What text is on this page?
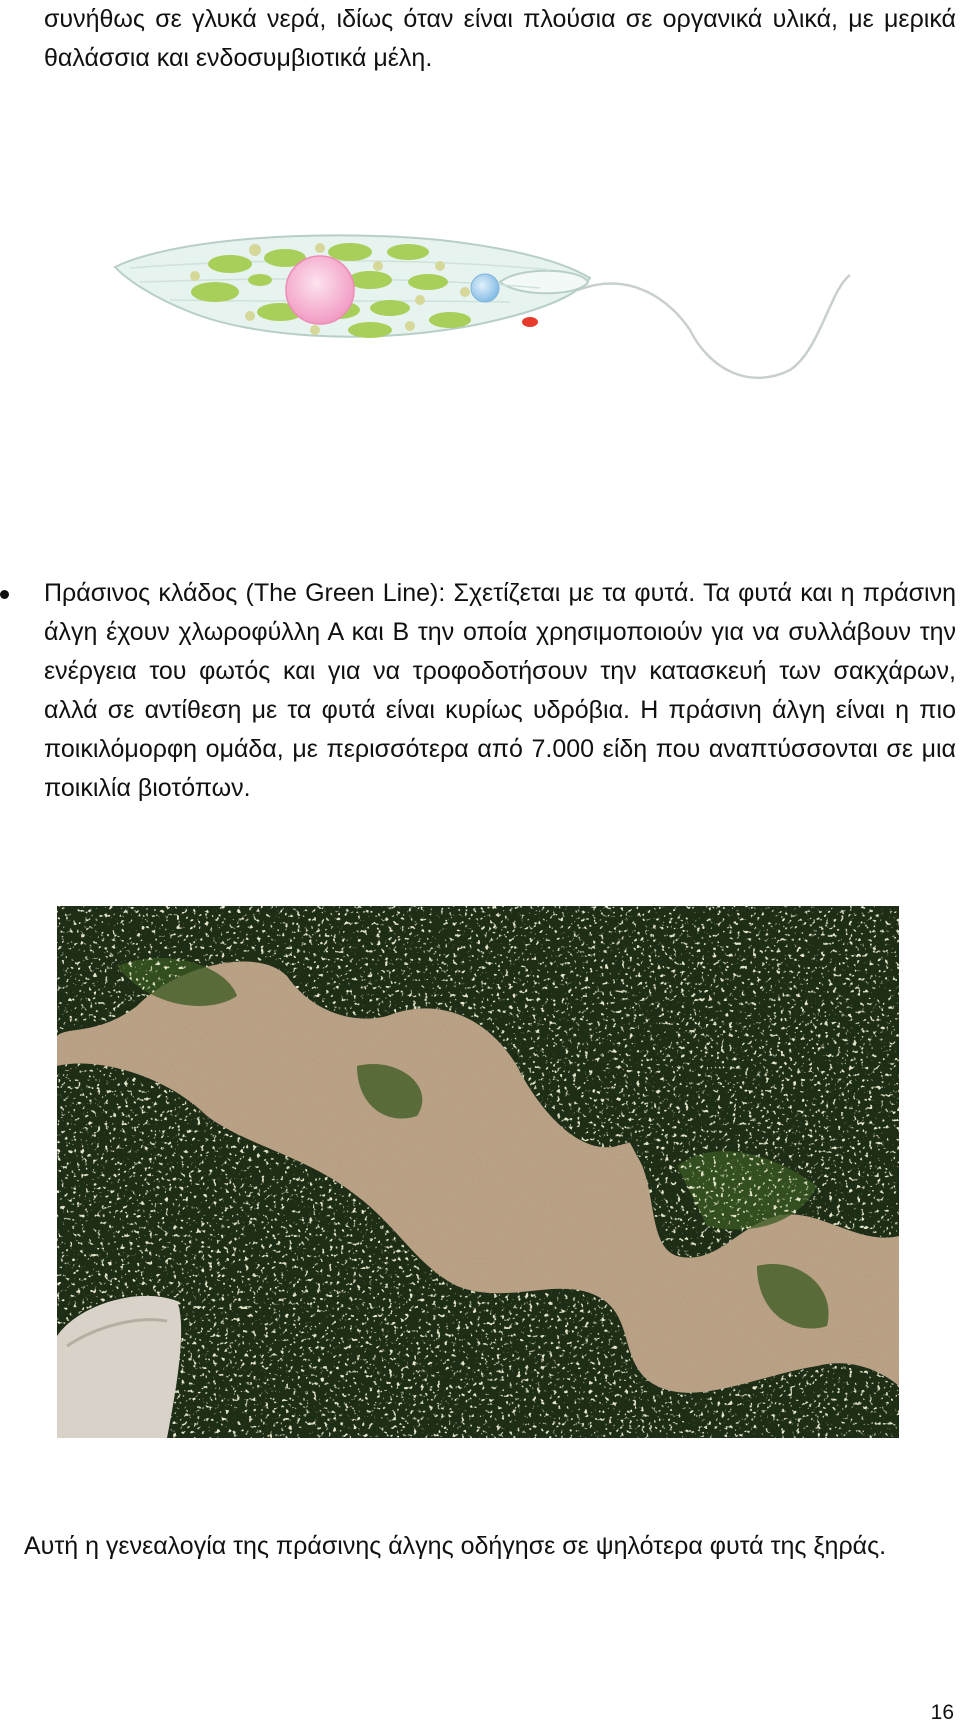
συνήθως σε γλυκά νερά, ιδίως όταν είναι πλούσια σε οργανικά υλικά, με μερικά θαλάσσια και ενδοσυμβιοτικά μέλη.
Πράσινος κλάδος (The Green Line): Σχετίζεται με τα φυτά. Τα φυτά και η πράσινη άλγη έχουν χλωροφύλλη Α και Β την οποία χρησιμοποιούν για να συλλάβουν την ενέργεια του φωτός και για να τροφοδοτήσουν την κατασκευή των σακχάρων, αλλά σε αντίθεση με τα φυτά είναι κυρίως υδρόβια. Η πράσινη άλγη είναι η πιο ποικιλόμορφη ομάδα, με περισσότερα από 7.000 είδη που αναπτύσσονται σε μια ποικιλία βιοτόπων.
Αυτή η γενεαλογία της πράσινης άλγης οδήγησε σε ψηλότερα φυτά της ξηράς.
16
